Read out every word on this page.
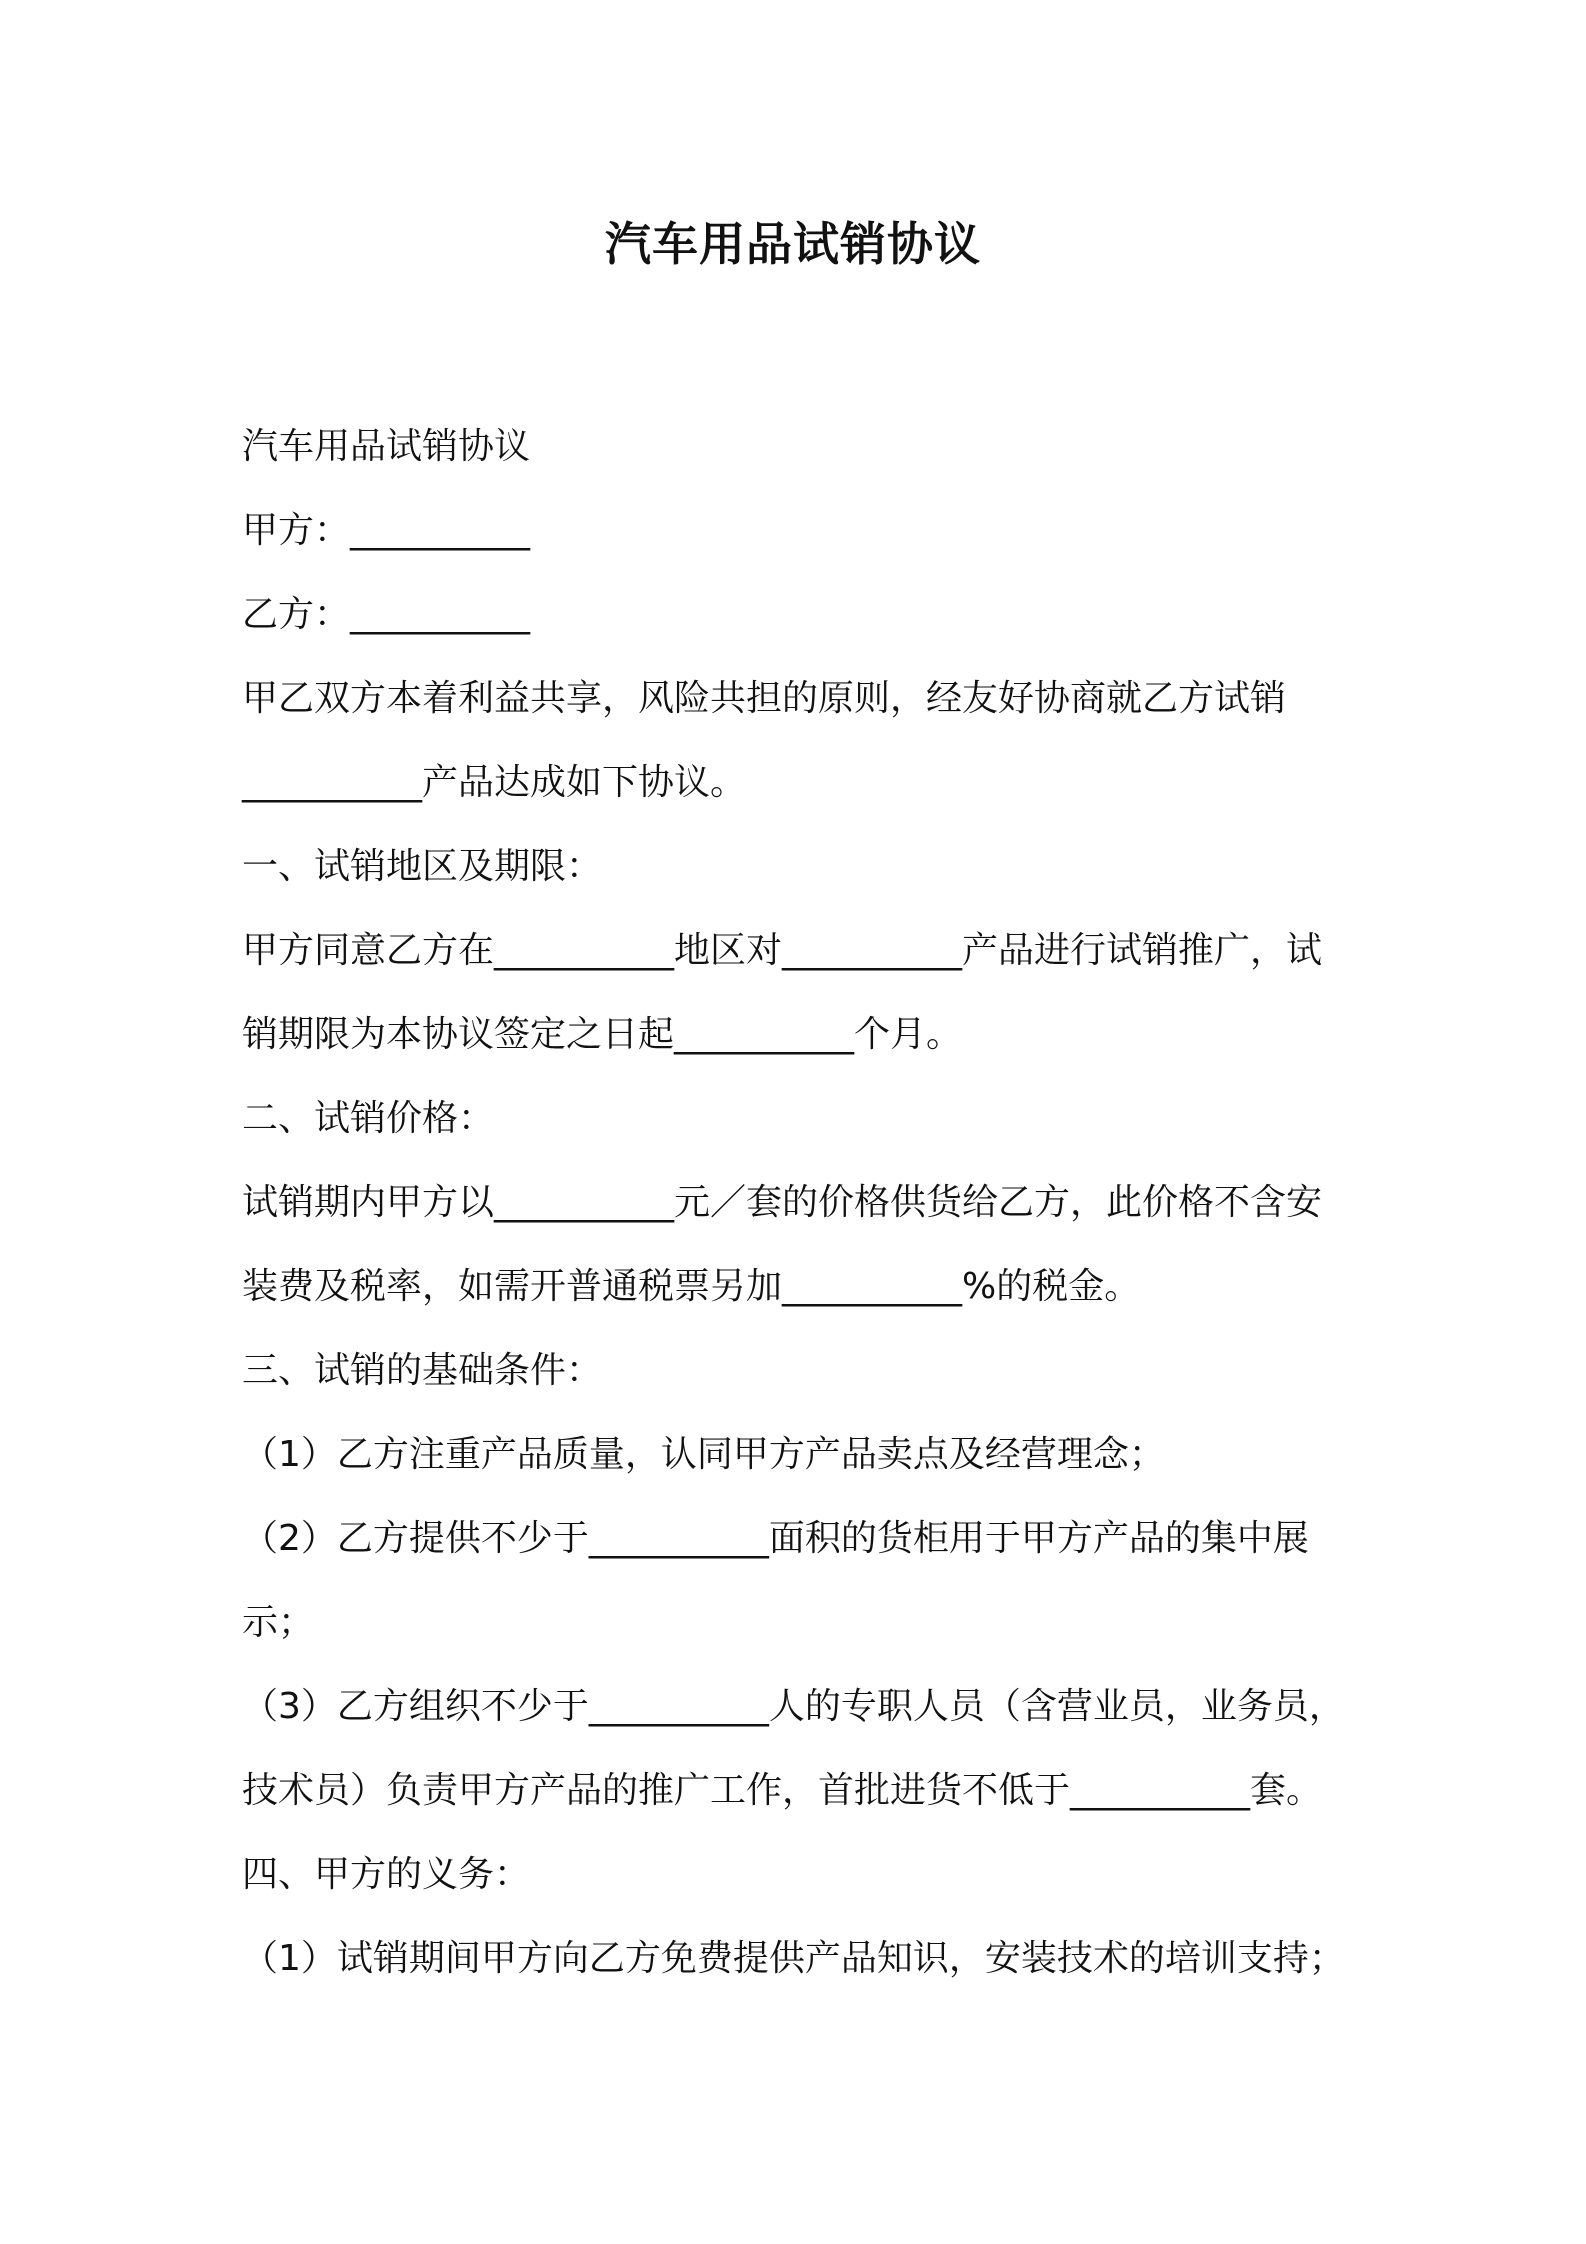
汽车用品试销协议

汽车用品试销协议

甲方：__________

乙方：__________

甲乙双方本着利益共享，风险共担的原则，经友好协商就乙方试销

__________产品达成如下协议。

一、试销地区及期限：

甲方同意乙方在__________地区对__________产品进行试销推广，试

销期限为本协议签定之日起__________个月。

二、试销价格：

试销期内甲方以__________元／套的价格供货给乙方，此价格不含安

装费及税率，如需开普通税票另加__________%的税金。

三、试销的基础条件：

（1）乙方注重产品质量，认同甲方产品卖点及经营理念；

（2）乙方提供不少于__________面积的货柜用于甲方产品的集中展

示；

（3）乙方组织不少于__________人的专职人员（含营业员，业务员，

技术员）负责甲方产品的推广工作，首批进货不低于__________套。

四、甲方的义务：

（1）试销期间甲方向乙方免费提供产品知识，安装技术的培训支持；
